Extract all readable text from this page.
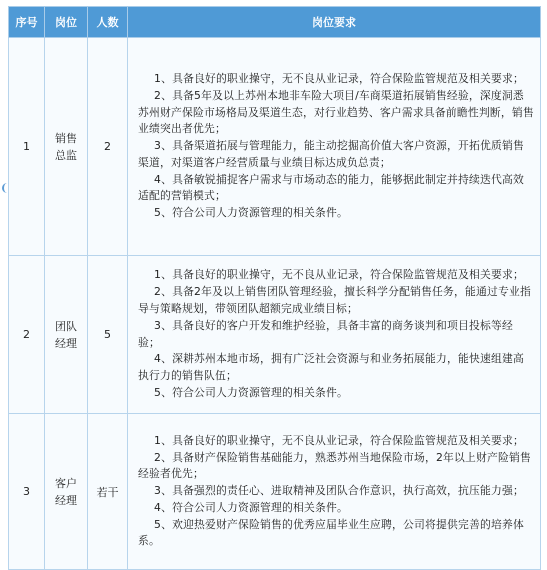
序号	岗位	人数	岗位要求
1	销售总监	2	1、具备良好的职业操守，无不良从业记录，符合保险监管规范及相关要求；
2、具备5年及以上苏州本地非车险大项目/车商渠道拓展销售经验，深度洞悉苏州财产保险市场格局及渠道生态，对行业趋势、客户需求具备前瞻性判断，销售业绩突出者优先；
3、具备渠道拓展与管理能力，能主动挖掘高价值大客户资源，开拓优质销售渠道，对渠道客户经营质量与业绩目标达成负总责；
4、具备敏锐捕捉客户需求与市场动态的能力，能够据此制定并持续迭代高效适配的营销模式；
5、符合公司人力资源管理的相关条件。

2	团队经理	5	1、具备良好的职业操守，无不良从业记录，符合保险监管规范及相关要求；
2、具备2年及以上销售团队管理经验，擅长科学分配销售任务，能通过专业指导与策略规划，带领团队超额完成业绩目标；
3、具备良好的客户开发和维护经验，具备丰富的商务谈判和项目投标等经验；
4、深耕苏州本地市场，拥有广泛社会资源与和业务拓展能力，能快速组建高执行力的销售队伍；
5、符合公司人力资源管理的相关条件。

3	客户经理	若干	1、具备良好的职业操守，无不良从业记录，符合保险监管规范及相关要求；
2、具备财产保险销售基础能力，熟悉苏州当地保险市场，2年以上财产险销售经验者优先；
3、具备强烈的责任心、进取精神及团队合作意识，执行高效，抗压能力强；
4、符合公司人力资源管理的相关条件。
5、欢迎热爱财产保险销售的优秀应届毕业生应聘，公司将提供完善的培养体系。
